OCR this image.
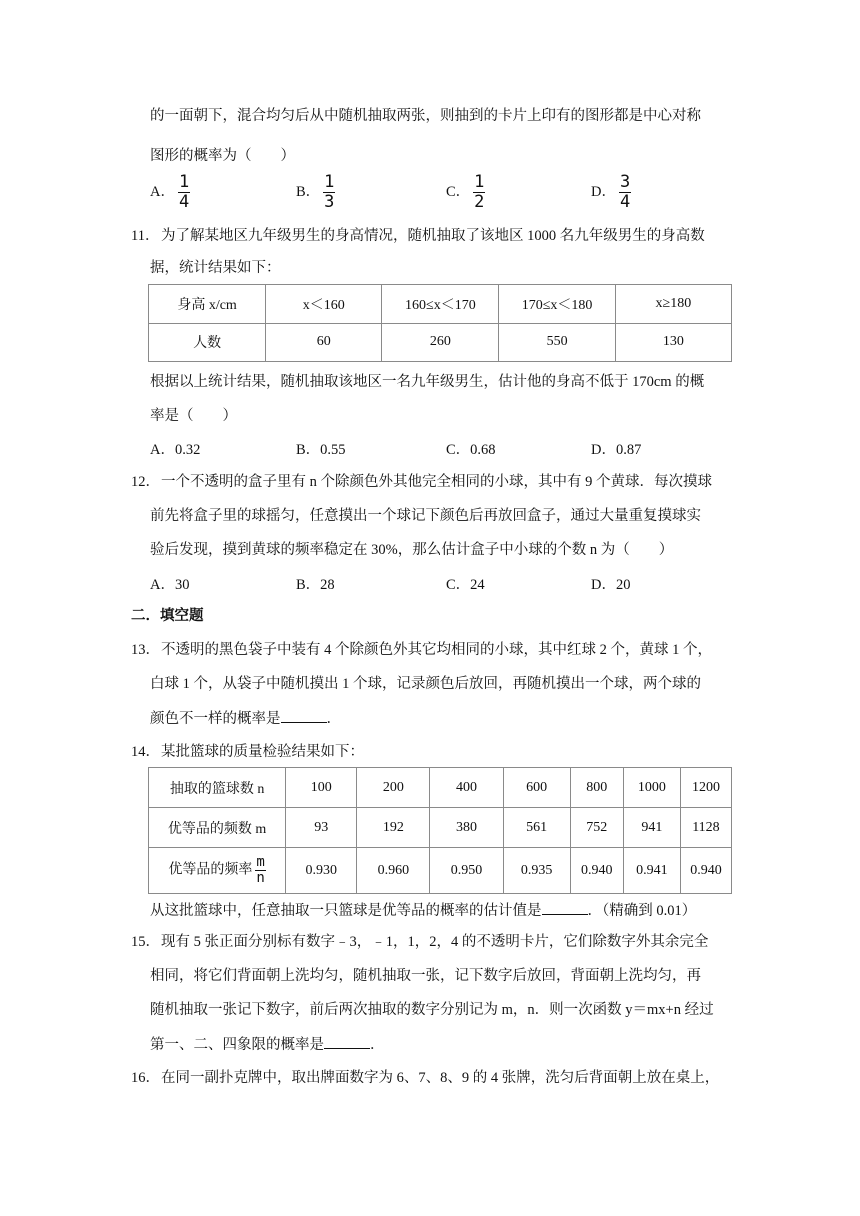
的一面朝下，混合均匀后从中随机抽取两张，则抽到的卡片上印有的图形都是中心对称
图形的概率为（　　）
A． $\frac{1}{4}$	B． $\frac{1}{3}$	C． $\frac{1}{2}$	D． $\frac{3}{4}$
11． 为了解某地区九年级男生的身高情况，随机抽取了该地区 1000 名九年级男生的身高数
据，统计结果如下：
身高 x/cm	x＜160	160≤x＜170	170≤x＜180	x≥180
人数	60	260	550	130
根据以上统计结果，随机抽取该地区一名九年级男生，估计他的身高不低于 170cm 的概
率是（　　）
A．0.32	B．0.55	C．0.68	D．0.87
12． 一个不透明的盒子里有 n 个除颜色外其他完全相同的小球，其中有 9 个黄球．每次摸球
前先将盒子里的球摇匀，任意摸出一个球记下颜色后再放回盒子，通过大量重复摸球实
验后发现，摸到黄球的频率稳定在 30%，那么估计盒子中小球的个数 n 为（　　）
A．30	B．28	C．24	D．20
二．填空题
13． 不透明的黑色袋子中装有 4 个除颜色外其它均相同的小球，其中红球 2 个，黄球 1 个，
白球 1 个，从袋子中随机摸出 1 个球，记录颜色后放回，再随机摸出一个球，两个球的
颜色不一样的概率是	．
14． 某批篮球的质量检验结果如下：
抽取的篮球数 n	100	200	400	600	800	1000	1200
优等品的频数 m	93	192	380	561	752	941	1128
优等品的频率 $\frac{m}{n}$	0.930	0.960	0.950	0.935	0.940	0.941	0.940
从这批篮球中，任意抽取一只篮球是优等品的概率的估计值是	．（精确到 0.01）
15． 现有 5 张正面分别标有数字﹣3，﹣1，1，2，4 的不透明卡片，它们除数字外其余完全
相同，将它们背面朝上洗均匀，随机抽取一张，记下数字后放回，背面朝上洗均匀，再
随机抽取一张记下数字，前后两次抽取的数字分别记为 m，n．则一次函数 y＝mx+n 经过
第一、二、四象限的概率是	．
16． 在同一副扑克牌中，取出牌面数字为 6、7、8、9 的 4 张牌，洗匀后背面朝上放在桌上，
